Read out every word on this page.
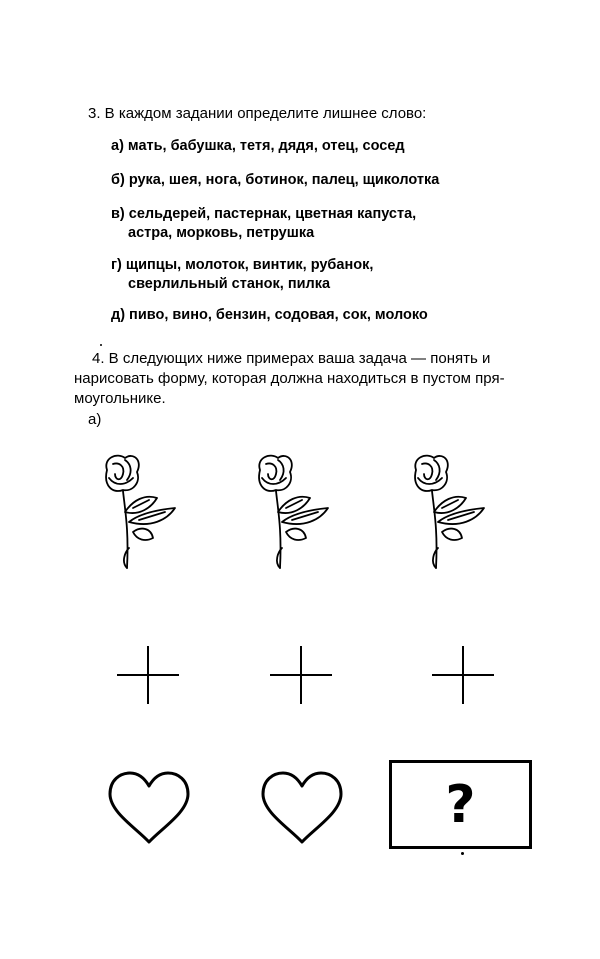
3. В каждом задании определите лишнее слово:
а) мать, бабушка, тетя, дядя, отец, сосед
б) рука, шея, нога, ботинок, палец, щиколотка
в) сельдерей, пастернак, цветная капуста,
астра, морковь, петрушка
г) щипцы, молоток, винтик, рубанок,
сверлильный станок, пилка
д) пиво, вино, бензин, содовая, сок, молоко
4. В следующих ниже примерах ваша задача — понять и
нарисовать форму, которая должна находиться в пустом пря-
моугольнике.
а)
?
